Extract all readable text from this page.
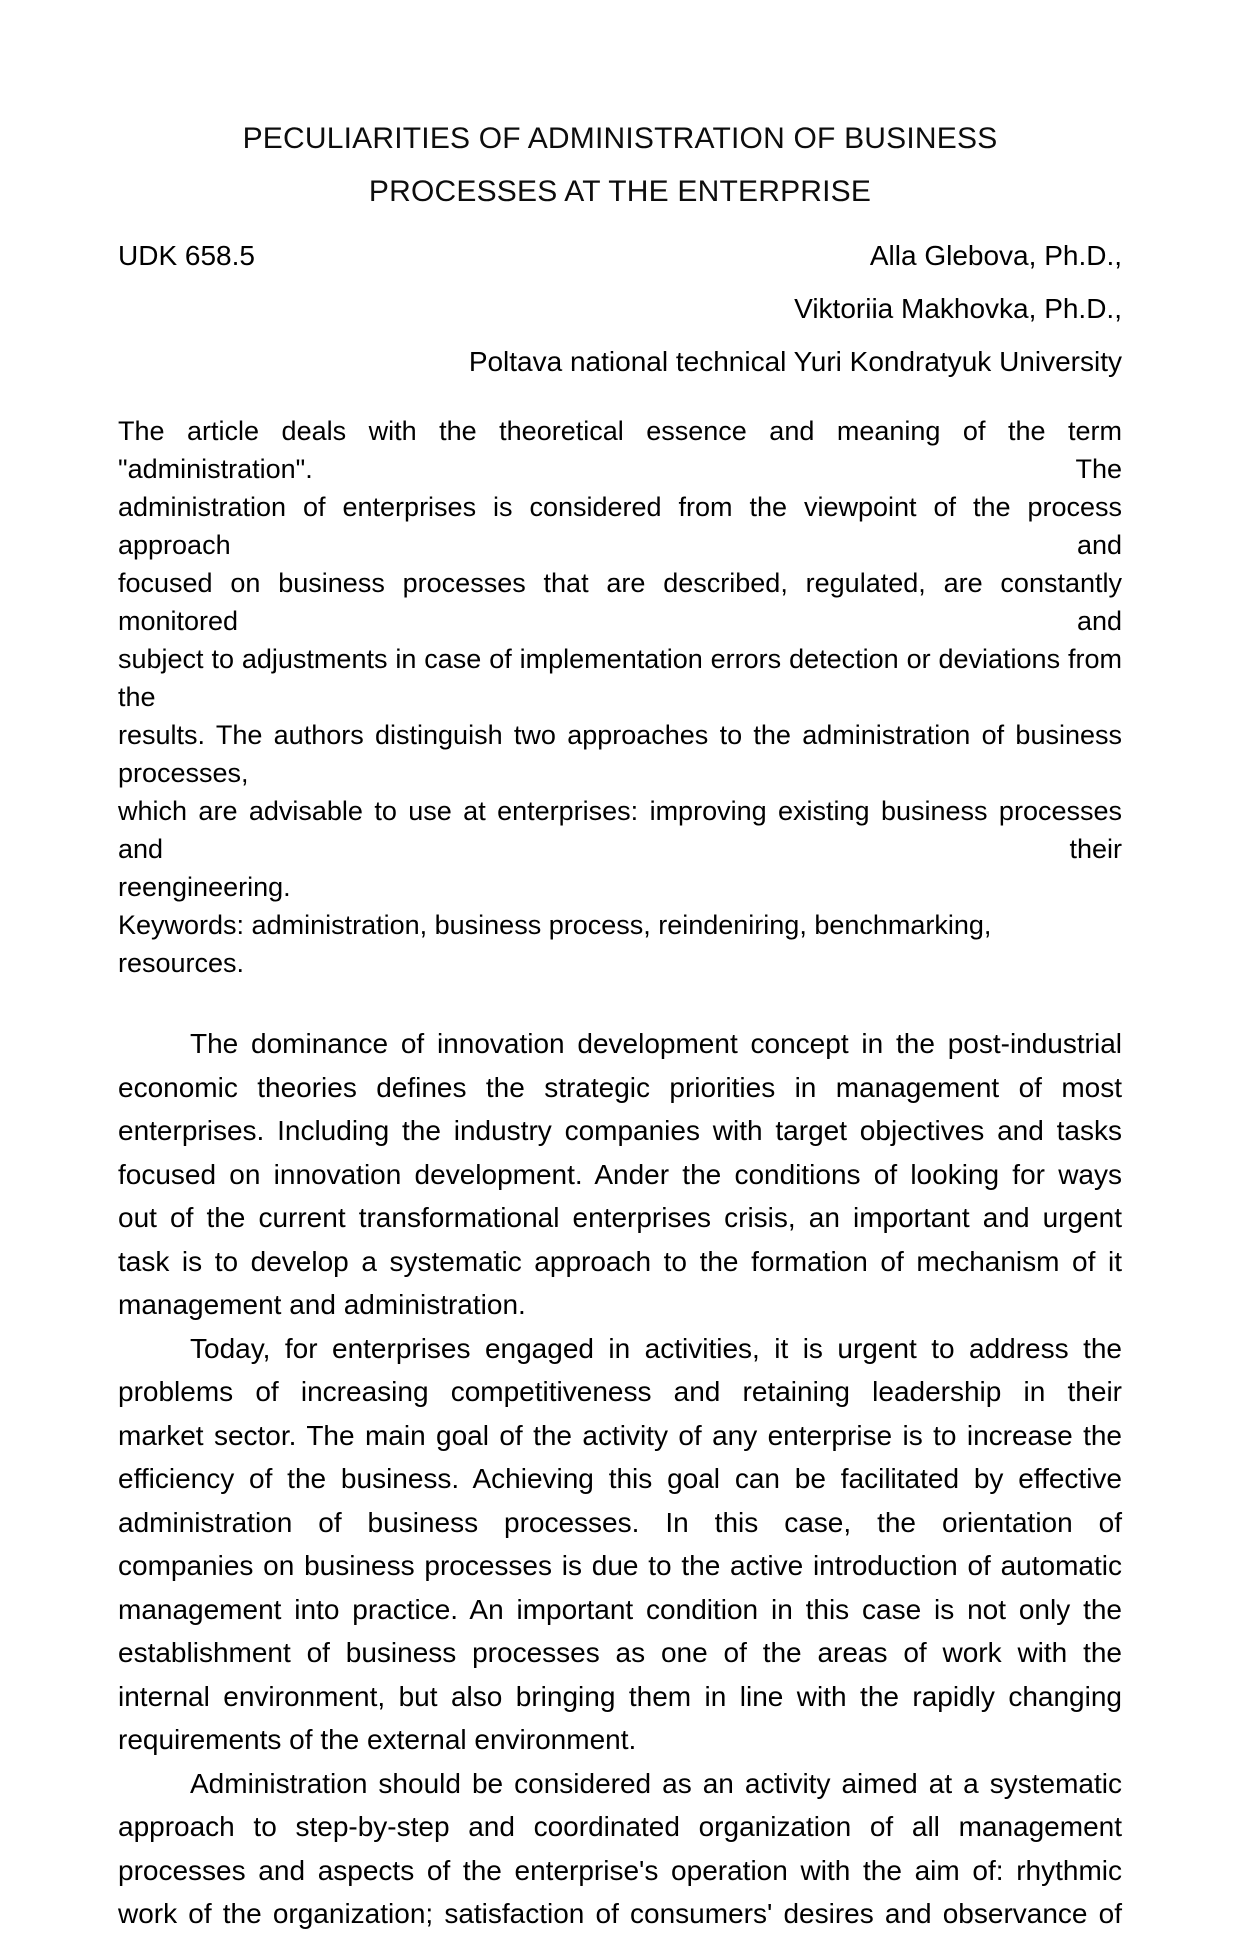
PECULIARITIES OF ADMINISTRATION OF BUSINESS
PROCESSES AT THE ENTERPRISE
UDK 658.5	Alla Glebova, Ph.D.,
Viktoriia Makhovka, Ph.D.,
Poltava national technical Yuri Kondratyuk University
The article deals with the theoretical essence and meaning of the term "administration". The
administration of enterprises is considered from the viewpoint of the process approach and
focused on business processes that are described, regulated, are constantly monitored and
subject to adjustments in case of implementation errors detection or deviations from the
results. The authors distinguish two approaches to the administration of business processes,
which are advisable to use at enterprises: improving existing business processes and their
reengineering.
Keywords: administration, business process, reindeniring, benchmarking, resources.
The dominance of innovation development concept in the post-industrial
economic theories defines the strategic priorities in management of most
enterprises. Including the industry companies with target objectives and tasks
focused on innovation development. Ander the conditions of looking for ways
out of the current transformational enterprises crisis, an important and urgent
task is to develop a systematic approach to the formation of mechanism of it
management and administration.
Today, for enterprises engaged in activities, it is urgent to address the
problems of increasing competitiveness and retaining leadership in their
market sector. The main goal of the activity of any enterprise is to increase the
efficiency of the business. Achieving this goal can be facilitated by effective
administration of business processes. In this case, the orientation of
companies on business processes is due to the active introduction of automatic
management into practice. An important condition in this case is not only the
establishment of business processes as one of the areas of work with the
internal environment, but also bringing them in line with the rapidly changing
requirements of the external environment.
Administration should be considered as an activity aimed at a systematic
approach to step-by-step and coordinated organization of all management
processes and aspects of the enterprise's operation with the aim of: rhythmic
work of the organization; satisfaction of consumers' desires and observance of
